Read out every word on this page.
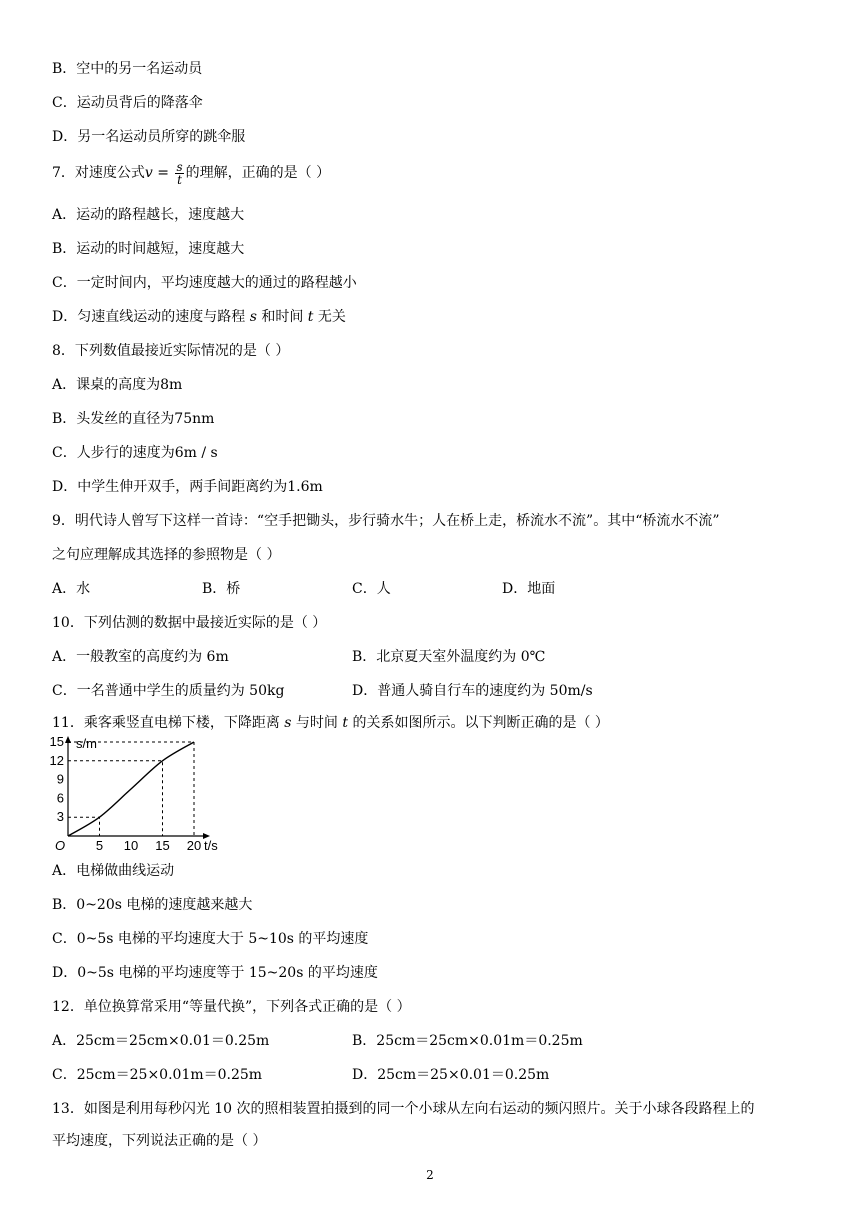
B．空中的另一名运动员
C．运动员背后的降落伞
D．另一名运动员所穿的跳伞服
7．对速度公式$v = \frac{s}{t}$ 的理解，正确的是（ ）
A．运动的路程越长，速度越大
B．运动的时间越短，速度越大
C．一定时间内，平均速度越大的通过的路程越小
D．匀速直线运动的速度与路程 s 和时间 t 无关
8．下列数值最接近实际情况的是（ ）
A．课桌的高度为8m
B．头发丝的直径为75nm
C．人步行的速度为6m / s
D．中学生伸开双手，两手间距离约为1.6m
9．明代诗人曾写下这样一首诗：“空手把锄头，步行骑水牛；人在桥上走，桥流水不流”。其中“桥流水不流”
之句应理解成其选择的参照物是（ ）
A．水	B．桥	C．人	D．地面
10．下列估测的数据中最接近实际的是（ ）
A．一般教室的高度约为 6m	B．北京夏天室外温度约为 0℃
C．一名普通中学生的质量约为 50kg	D．普通人骑自行车的速度约为 50m/s
11．乘客乘竖直电梯下楼，下降距离 s 与时间 t 的关系如图所示。以下判断正确的是（ ）
5 10 15 20
3
6
9
12
15
O	t/s
s/m
A．电梯做曲线运动
B．0~20s 电梯的速度越来越大
C．0~5s 电梯的平均速度大于 5~10s 的平均速度
D．0~5s 电梯的平均速度等于 15~20s 的平均速度
12．单位换算常采用“等量代换”，下列各式正确的是（ ）
A．25cm＝25cm×0.01＝0.25m	B．25cm＝25cm×0.01m＝0.25m
C．25cm＝25×0.01m＝0.25m	D．25cm＝25×0.01＝0.25m
13．如图是利用每秒闪光 10 次的照相装置拍摄到的同一个小球从左向右运动的频闪照片。关于小球各段路程上的
平均速度，下列说法正确的是（ ）
2
